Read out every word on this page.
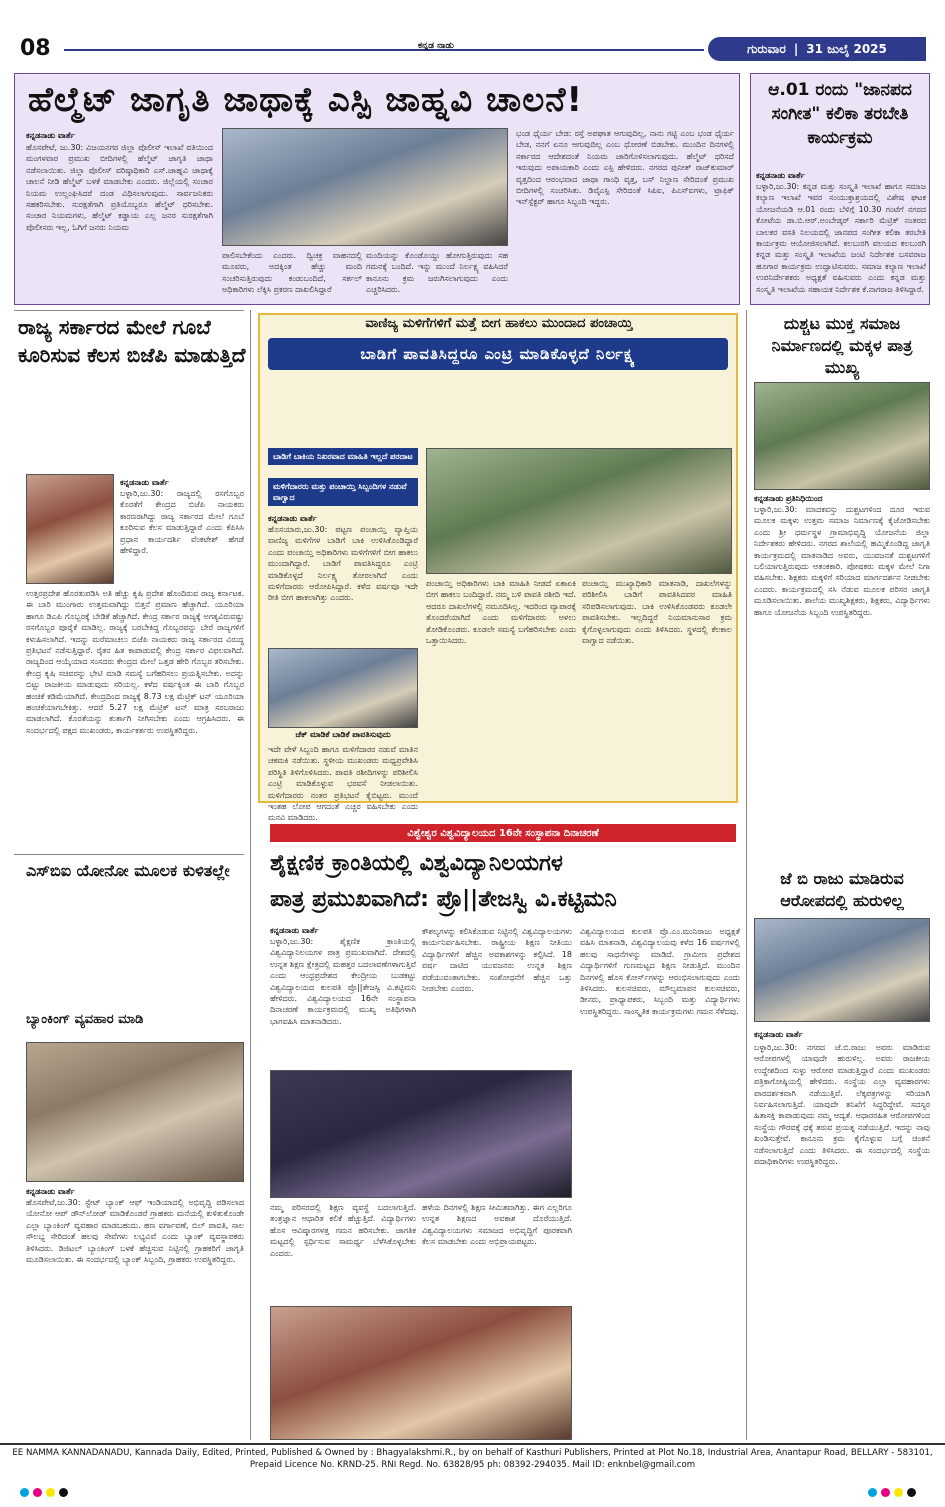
08	ಕನ್ನಡ ನಾಡು	ಗುರುವಾರ | 31 ಜುಲೈ 2025
ಹೆಲ್ಮೆಟ್ ಜಾಗೃತಿ ಜಾಥಾಕ್ಕೆ ಎಸ್ಪಿ ಜಾಹ್ನವಿ ಚಾಲನೆ!
ಕನ್ನಡನಾಡು ವಾರ್ತೆ
ಹೊಸಪೇಟೆ, ಜು.30: ವಿಜಯನಗರ ಜಿಲ್ಲಾ ಪೊಲೀಸ್ ಇಲಾಖೆ ವತಿಯಿಂದ ಮಂಗಳವಾರ ಪ್ರಮುಖ ಬೀದಿಗಳಲ್ಲಿ ಹೆಲ್ಮೆಟ್ ಜಾಗೃತಿ ಜಾಥಾ ನಡೆಸಲಾಯಿತು. ಜಿಲ್ಲಾ ಪೊಲೀಸ್ ವರಿಷ್ಠಾಧಿಕಾರಿ ಎಸ್.ಜಾಹ್ನವಿ ಜಾಥಾಕ್ಕೆ ಚಾಲನೆ ನೀಡಿ ಹೆಲ್ಮೆಟ್ ಬಳಕೆ ಮಾಡಬೇಕು ಎಂದರು. ಜಿಲ್ಲೆಯಲ್ಲಿ ಸಂಚಾರ ನಿಯಮ ಉಲ್ಲಂಘಿಸಿದರೆ ದಂಡ ವಿಧಿಸಲಾಗುವುದು. ಸಾರ್ವಜನಿಕರು ಸಹಕರಿಸಬೇಕು. ಸುರಕ್ಷತೆಗಾಗಿ ಪ್ರತಿಯೊಬ್ಬರೂ ಹೆಲ್ಮೆಟ್ ಧರಿಸಬೇಕು. ಸಂಚಾರ ನಿಯಮಗಳು, ಹೆಲ್ಮೆಟ್ ಕಡ್ಡಾಯ ಎಲ್ಲ ಜನರ ಸುರಕ್ಷತೆಗಾಗಿ ಪೊಲೀಸರು ಇಲ್ಲ, ಓಗಿಗೆ ಜನರು ನಿಯಮ
ಪಾಲಿಸಬೇಕೆಂದು ಎಂದರು. ದ್ವಿಚಕ್ರ ವಾಹನದಲ್ಲಿ ಮೂವರು, ಅದಕ್ಕಿಂತ ಹೆಚ್ಚು ಮಂದಿ ಸಂಚರಿಸುತ್ತಿರುವುದು ಕಂಡುಬಂದಿದೆ, ಸರ್ಕಲ್ ಅಧಿಕಾರಿಗಳು ಲೆಕ್ಕಿಸಿ ಪ್ರಕರಣ ದಾಖಲಿಸಿದ್ದಾರೆ
ಮಂದಿಯನ್ನು ಕೊಂಡೊಯ್ದು ಹೋಗುತ್ತಿರುವುದು ಸಹ ಗಮನಕ್ಕೆ ಬಂದಿದೆ. ಇನ್ನು ಮುಂದೆ ನಿರ್ಲಕ್ಷ್ಯ ವಹಿಸಿದರೆ ಕಾನೂನು ಕ್ರಮ ಜರುಗಿಸಲಾಗುವುದು ಎಂದು ಎಚ್ಚರಿಸಿದರು.
ಭಂಡ ಧೈರ್ಯ ಬೇಡ: ರಸ್ತೆ ಅಪಘಾತ ಆಗುವುದಿಲ್ಲ, ನಾನು ಗಟ್ಟಿ ಎಂಬ ಭಂಡ ಧೈರ್ಯ ಬೇಡ, ನನಗೆ ಏನೂ ಆಗುವುದಿಲ್ಲ ಎಂಬ ಧೋರಣೆ ಬಿಡಬೇಕು. ಮುಂದಿನ ದಿನಗಳಲ್ಲಿ ಸರ್ಕಾರದ ಆದೇಶದಂತೆ ನಿಯಮ ಜಾರಿಗೊಳಿಸಲಾಗುವುದು. ಹೆಲ್ಮೆಟ್ ಧರಿಸದೆ ಇರುವುದು ಅಪಾಯಕಾರಿ ಎಂದು ಎಸ್ಪಿ ಹೇಳಿದರು. ನಗರದ ಪುನೀತ್ ರಾಜ್‌ಕುಮಾರ್ ವೃತ್ತದಿಂದ ಆರಂಭವಾದ ಜಾಥಾ ಗಾಂಧಿ ವೃತ್ತ, ಬಸ್ ನಿಲ್ದಾಣ ಸೇರಿದಂತೆ ಪ್ರಮುಖ ಬೀದಿಗಳಲ್ಲಿ ಸಂಚರಿಸಿತು. ಡಿವೈಎಸ್ಪಿ ಸೇರಿದಂತೆ ಸಿಪಿಐ, ಪಿಎಸ್‌ಐಗಳು, ಟ್ರಾಫಿಕ್ ಇನ್‌ಸ್ಪೆಕ್ಟರ್ ಹಾಗೂ ಸಿಬ್ಬಂದಿ ಇದ್ದರು.
ಆ.01 ರಂದು "ಜಾನಪದ ಸಂಗೀತ" ಕಲಿಕಾ ತರಬೇತಿ ಕಾರ್ಯಕ್ರಮ
ಕನ್ನಡನಾಡು ವಾರ್ತೆ
ಬಳ್ಳಾರಿ,ಜು.30: ಕನ್ನಡ ಮತ್ತು ಸಂಸ್ಕೃತಿ ಇಲಾಖೆ ಹಾಗೂ ಸಮಾಜ ಕಲ್ಯಾಣ ಇಲಾಖೆ ಇವರ ಸಂಯುಕ್ತಾಶ್ರಯದಲ್ಲಿ ವಿಶೇಷ ಘಟಕ ಯೋಜನೆಯಡಿ ಆ.01 ರಂದು ಬೆಳಿಗ್ಗೆ 10.30 ಗಂಟೆಗೆ ನಗರದ ಕೋಟೆಯ ಡಾ.ಬಿ.ಆರ್.ಅಂಬೇಡ್ಕರ್ ಸರ್ಕಾರಿ ಮೆಟ್ರಿಕ್ ನಂತರದ ಬಾಲಕರ ವಸತಿ ನಿಲಯದಲ್ಲಿ ಜಾನಪದ ಸಂಗೀತ ಕಲಿಕಾ ತರಬೇತಿ ಕಾರ್ಯಕ್ರಮ ಆಯೋಜಿಸಲಾಗಿದೆ. ಕಲಬುರಗಿ ವಲಯದ ಕಲಬುರಗಿ ಕನ್ನಡ ಮತ್ತು ಸಂಸ್ಕೃತಿ ಇಲಾಖೆಯ ಜಂಟಿ ನಿರ್ದೇಶಕ ಬಸವರಾಜ ಹೂಗಾರ ಕಾರ್ಯಕ್ರಮ ಉದ್ಘಾಟಿಸುವರು. ಸಮಾಜ ಕಲ್ಯಾಣ ಇಲಾಖೆ ಉಪನಿರ್ದೇಶಕರು ಅಧ್ಯಕ್ಷತೆ ವಹಿಸುವರು ಎಂದು ಕನ್ನಡ ಮತ್ತು ಸಂಸ್ಕೃತಿ ಇಲಾಖೆಯ ಸಹಾಯಕ ನಿರ್ದೇಶಕ ಕೆ.ನಾಗರಾಜ ತಿಳಿಸಿದ್ದಾರೆ.
ರಾಜ್ಯ ಸರ್ಕಾರದ ಮೇಲೆ ಗೂಬೆ ಕೂರಿಸುವ ಕೆಲಸ ಬಿಜೆಪಿ ಮಾಡುತ್ತಿದೆ
ಕನ್ನಡನಾಡು ವಾರ್ತೆ
ಬಳ್ಳಾರಿ,ಜು.30: ರಾಜ್ಯದಲ್ಲಿ ರಸಗೊಬ್ಬರ ಕೊರತೆಗೆ ಕೇಂದ್ರದ ಬಿಜೆಪಿ ನಾಯಕರು ಕಾರಣರಾಗಿದ್ದು ರಾಜ್ಯ ಸರ್ಕಾರದ ಮೇಲೆ ಗೂಬೆ ಕೂರಿಸುವ ಕೆಲಸ ಮಾಡುತ್ತಿದ್ದಾರೆ ಎಂದು ಕೆಪಿಸಿಸಿ ಪ್ರಧಾನ ಕಾರ್ಯದರ್ಶಿ ವೆಂಕಟೇಶ್ ಹೆಗಡೆ ಹೇಳಿದ್ದಾರೆ.
ಉತ್ತರಪ್ರದೇಶ ಹೊರತುಪಡಿಸಿ ಅತಿ ಹೆಚ್ಚು ಕೃಷಿ ಪ್ರದೇಶ ಹೊಂದಿರುವ ರಾಜ್ಯ ಕರ್ನಾಟಕ. ಈ ಬಾರಿ ಮುಂಗಾರು ಉತ್ತಮವಾಗಿದ್ದು ಬಿತ್ತನೆ ಪ್ರಮಾಣ ಹೆಚ್ಚಾಗಿದೆ. ಯೂರಿಯಾ ಹಾಗೂ ಡಿಎಪಿ ಗೊಬ್ಬರಕ್ಕೆ ಬೇಡಿಕೆ ಹೆಚ್ಚಾಗಿದೆ. ಕೇಂದ್ರ ಸರ್ಕಾರ ರಾಜ್ಯಕ್ಕೆ ಅಗತ್ಯವಿರುವಷ್ಟು ರಸಗೊಬ್ಬರ ಪೂರೈಕೆ ಮಾಡಿಲ್ಲ. ರಾಜ್ಯಕ್ಕೆ ಬರಬೇಕಿದ್ದ ಗೊಬ್ಬರವನ್ನು ಬೇರೆ ರಾಜ್ಯಗಳಿಗೆ ಕಳುಹಿಸಲಾಗಿದೆ. ಇದನ್ನು ಮರೆಮಾಚಲು ಬಿಜೆಪಿ ನಾಯಕರು ರಾಜ್ಯ ಸರ್ಕಾರದ ವಿರುದ್ಧ ಪ್ರತಿಭಟನೆ ನಡೆಸುತ್ತಿದ್ದಾರೆ. ರೈತರ ಹಿತ ಕಾಪಾಡುವಲ್ಲಿ ಕೇಂದ್ರ ಸರ್ಕಾರ ವಿಫಲವಾಗಿದೆ. ರಾಜ್ಯದಿಂದ ಆಯ್ಕೆಯಾದ ಸಂಸದರು ಕೇಂದ್ರದ ಮೇಲೆ ಒತ್ತಡ ಹೇರಿ ಗೊಬ್ಬರ ತರಿಸಬೇಕು. ಕೇಂದ್ರ ಕೃಷಿ ಸಚಿವರನ್ನು ಭೇಟಿ ಮಾಡಿ ಸಮಸ್ಯೆ ಬಗೆಹರಿಸಲು ಪ್ರಯತ್ನಿಸಬೇಕು. ಅದನ್ನು ಬಿಟ್ಟು ರಾಜಕೀಯ ಮಾಡುವುದು ಸರಿಯಲ್ಲ. ಕಳೆದ ವರ್ಷಕ್ಕಿಂತ ಈ ಬಾರಿ ಗೊಬ್ಬರ ಹಂಚಿಕೆ ಕಡಿಮೆಯಾಗಿದೆ. ಕೇಂದ್ರದಿಂದ ರಾಜ್ಯಕ್ಕೆ 8.73 ಲಕ್ಷ ಮೆಟ್ರಿಕ್ ಟನ್ ಯೂರಿಯಾ ಹಂಚಿಕೆಯಾಗಬೇಕಿತ್ತು. ಆದರೆ 5.27 ಲಕ್ಷ ಮೆಟ್ರಿಕ್ ಟನ್ ಮಾತ್ರ ಸರಬರಾಜು ಮಾಡಲಾಗಿದೆ. ಕೊರತೆಯನ್ನು ತುರ್ತಾಗಿ ನೀಗಿಸಬೇಕು ಎಂದು ಆಗ್ರಹಿಸಿದರು. ಈ ಸಂದರ್ಭದಲ್ಲಿ ಪಕ್ಷದ ಮುಖಂಡರು, ಕಾರ್ಯಕರ್ತರು ಉಪಸ್ಥಿತರಿದ್ದರು.
ಎಸ್‌ಬಿಐ ಯೋನೋ ಮೂಲಕ ಕುಳಿತಲ್ಲೇ
ಬ್ಯಾಂಕಿಂಗ್ ವ್ಯವಹಾರ ಮಾಡಿ
ಕನ್ನಡನಾಡು ವಾರ್ತೆ
ಹೊಸಪೇಟೆ,ಜು.30: ಸ್ಟೇಟ್ ಬ್ಯಾಂಕ್ ಆಫ್ ಇಂಡಿಯಾದಲ್ಲಿ ಅಭಿವೃದ್ಧಿ ಪಡಿಸಲಾದ ಯೋನೋ ಆಪ್ ಡೌನ್‌ಲೋಡ್ ಮಾಡಿಕೊಂಡರೆ ಗ್ರಾಹಕರು ಮನೆಯಲ್ಲಿ ಕುಳಿತುಕೊಂಡೇ ಎಲ್ಲಾ ಬ್ಯಾಂಕಿಂಗ್ ವ್ಯವಹಾರ ಮಾಡಬಹುದು. ಹಣ ವರ್ಗಾವಣೆ, ಬಿಲ್ ಪಾವತಿ, ಸಾಲ ಸೌಲಭ್ಯ ಸೇರಿದಂತೆ ಹಲವು ಸೇವೆಗಳು ಲಭ್ಯವಿವೆ ಎಂದು ಬ್ಯಾಂಕ್ ವ್ಯವಸ್ಥಾಪಕರು ತಿಳಿಸಿದರು. ಡಿಜಿಟಲ್ ಬ್ಯಾಂಕಿಂಗ್ ಬಳಕೆ ಹೆಚ್ಚಿಸುವ ನಿಟ್ಟಿನಲ್ಲಿ ಗ್ರಾಹಕರಿಗೆ ಜಾಗೃತಿ ಮೂಡಿಸಲಾಯಿತು. ಈ ಸಂದರ್ಭದಲ್ಲಿ ಬ್ಯಾಂಕ್ ಸಿಬ್ಬಂದಿ, ಗ್ರಾಹಕರು ಉಪಸ್ಥಿತರಿದ್ದರು.
ವಾಣಿಜ್ಯ ಮಳಿಗೆಗಳಿಗೆ ಮತ್ತೆ ಬೀಗ ಹಾಕಲು ಮುಂದಾದ ಪಂಚಾಯ್ತಿ
ಬಾಡಿಗೆ ಪಾವತಿಸಿದ್ದರೂ ಎಂಟ್ರಿ ಮಾಡಿಕೊಳ್ಳದೆ ನಿರ್ಲಕ್ಷ್ಯ
ಬಾಡಿಗೆ ಬಾಕಿಯ ನಿಖರವಾದ ಮಾಹಿತಿ ಇಲ್ಲದೆ ಪರದಾಟ
ಮಳಿಗೆದಾರರು ಮತ್ತು ಪಂಚಾಯ್ತಿ ಸಿಬ್ಬಂದಿಗಳ ನಡುವೆ ವಾಗ್ವಾದ
ಕನ್ನಡನಾಡು ವಾರ್ತೆ
ಹೊಸಯಾರು,ಜು.30: ಪಟ್ಟಣ ಪಂಚಾಯ್ತಿ ವ್ಯಾಪ್ತಿಯ ವಾಣಿಜ್ಯ ಮಳಿಗೆಗಳ ಬಾಡಿಗೆ ಬಾಕಿ ಉಳಿಸಿಕೊಂಡಿದ್ದಾರೆ ಎಂದು ಪಂಚಾಯ್ತಿ ಅಧಿಕಾರಿಗಳು ಮಳಿಗೆಗಳಿಗೆ ಬೀಗ ಹಾಕಲು ಮುಂದಾಗಿದ್ದಾರೆ. ಬಾಡಿಗೆ ಪಾವತಿಸಿದ್ದರೂ ಎಂಟ್ರಿ ಮಾಡಿಕೊಳ್ಳದೆ ನಿರ್ಲಕ್ಷ್ಯ ತೋರಲಾಗಿದೆ ಎಂದು ಮಳಿಗೆದಾರರು ಆರೋಪಿಸಿದ್ದಾರೆ. ಕಳೆದ ವರ್ಷವೂ ಇದೇ ರೀತಿ ಬೀಗ ಹಾಕಲಾಗಿತ್ತು ಎಂದರು.
ಪಂಚಾಯ್ತಿ ಅಧಿಕಾರಿಗಳು ಬಾಕಿ ಮಾಹಿತಿ ನೀಡದೆ ಏಕಾಏಕಿ ಬೀಗ ಹಾಕಲು ಬಂದಿದ್ದಾರೆ. ನಮ್ಮ ಬಳಿ ಪಾವತಿ ರಶೀದಿ ಇದೆ. ಆದರೂ ದಾಖಲೆಗಳಲ್ಲಿ ನಮೂದಿಸಿಲ್ಲ. ಇದರಿಂದ ವ್ಯಾಪಾರಕ್ಕೆ ತೊಂದರೆಯಾಗಿದೆ ಎಂದು ಮಳಿಗೆದಾರರು ಅಳಲು ತೋಡಿಕೊಂಡರು. ಕೂಡಲೇ ಸಮಸ್ಯೆ ಬಗೆಹರಿಸಬೇಕು ಎಂದು ಒತ್ತಾಯಿಸಿದರು.
ಪಂಚಾಯ್ತಿ ಮುಖ್ಯಾಧಿಕಾರಿ ಮಾತನಾಡಿ, ದಾಖಲೆಗಳನ್ನು ಪರಿಶೀಲಿಸಿ ಬಾಡಿಗೆ ಪಾವತಿಸಿದವರ ಮಾಹಿತಿ ಸರಿಪಡಿಸಲಾಗುವುದು. ಬಾಕಿ ಉಳಿಸಿಕೊಂಡವರು ಕೂಡಲೇ ಪಾವತಿಸಬೇಕು. ಇಲ್ಲದಿದ್ದರೆ ನಿಯಮಾನುಸಾರ ಕ್ರಮ ಕೈಗೊಳ್ಳಲಾಗುವುದು ಎಂದು ತಿಳಿಸಿದರು. ಸ್ಥಳದಲ್ಲಿ ಕೆಲಕಾಲ ವಾಗ್ವಾದ ನಡೆಯಿತು.
ಚೆಕ್ ಮಾಡಿಕೆ ಬಾಡಿಕೆ ಪಾವತಿಸುವುದು
ಇದೇ ವೇಳೆ ಸಿಬ್ಬಂದಿ ಹಾಗೂ ಮಳಿಗೆದಾರರ ನಡುವೆ ಮಾತಿನ ಚಕಮಕಿ ನಡೆಯಿತು. ಸ್ಥಳೀಯ ಮುಖಂಡರು ಮಧ್ಯಪ್ರವೇಶಿಸಿ ಪರಿಸ್ಥಿತಿ ತಿಳಿಗೊಳಿಸಿದರು. ಪಾವತಿ ರಶೀದಿಗಳನ್ನು ಪರಿಶೀಲಿಸಿ ಎಂಟ್ರಿ ಮಾಡಿಕೊಳ್ಳುವ ಭರವಸೆ ನೀಡಲಾಯಿತು. ಮಳಿಗೆದಾರರು ನಂತರ ಪ್ರತಿಭಟನೆ ಕೈಬಿಟ್ಟರು. ಮುಂದೆ ಇಂತಹ ಲೋಪ ಆಗದಂತೆ ಎಚ್ಚರ ವಹಿಸಬೇಕು ಎಂದು ಮನವಿ ಮಾಡಿದರು.
ದುಶ್ಚಟ ಮುಕ್ತ ಸಮಾಜ ನಿರ್ಮಾಣದಲ್ಲಿ ಮಕ್ಕಳ ಪಾತ್ರ ಮುಖ್ಯ
ಕನ್ನಡನಾಡು ಪ್ರತಿನಿಧಿಯಿಂದ
ಬಳ್ಳಾರಿ,ಜು.30: ಮಾದಕವಸ್ತು ದುಶ್ಚಟಗಳಿಂದ ದೂರ ಇರುವ ಮೂಲಕ ಮಕ್ಕಳು ಉತ್ತಮ ಸಮಾಜ ನಿರ್ಮಾಣಕ್ಕೆ ಕೈಜೋಡಿಸಬೇಕು ಎಂದು ಶ್ರೀ ಧರ್ಮಸ್ಥಳ ಗ್ರಾಮಾಭಿವೃದ್ಧಿ ಯೋಜನೆಯ ಜಿಲ್ಲಾ ನಿರ್ದೇಶಕರು ಹೇಳಿದರು. ನಗರದ ಶಾಲೆಯಲ್ಲಿ ಹಮ್ಮಿಕೊಂಡಿದ್ದ ಜಾಗೃತಿ ಕಾರ್ಯಕ್ರಮದಲ್ಲಿ ಮಾತನಾಡಿದ ಅವರು, ಯುವಜನತೆ ದುಶ್ಚಟಗಳಿಗೆ ಬಲಿಯಾಗುತ್ತಿರುವುದು ಆತಂಕಕಾರಿ. ಪೋಷಕರು ಮಕ್ಕಳ ಮೇಲೆ ನಿಗಾ ವಹಿಸಬೇಕು. ಶಿಕ್ಷಕರು ಮಕ್ಕಳಿಗೆ ಸರಿಯಾದ ಮಾರ್ಗದರ್ಶನ ನೀಡಬೇಕು ಎಂದರು. ಕಾರ್ಯಕ್ರಮದಲ್ಲಿ ಸಸಿ ನೆಡುವ ಮೂಲಕ ಪರಿಸರ ಜಾಗೃತಿ ಮೂಡಿಸಲಾಯಿತು. ಶಾಲೆಯ ಮುಖ್ಯಶಿಕ್ಷಕರು, ಶಿಕ್ಷಕರು, ವಿದ್ಯಾರ್ಥಿಗಳು ಹಾಗೂ ಯೋಜನೆಯ ಸಿಬ್ಬಂದಿ ಉಪಸ್ಥಿತರಿದ್ದರು.
ವಿಶ್ವೇಶ್ವರ ವಿಶ್ವವಿದ್ಯಾಲಯದ 16ನೇ ಸಂಸ್ಥಾಪನಾ ದಿನಾಚರಣೆ
ಶೈಕ್ಷಣಿಕ ಕ್ರಾಂತಿಯಲ್ಲಿ ವಿಶ್ವವಿದ್ಯಾನಿಲಯಗಳ
ಪಾತ್ರ ಪ್ರಮುಖವಾಗಿದೆ: ಪ್ರೊ||ತೇಜಸ್ವಿ ವಿ.ಕಟ್ಟಿಮನಿ
ಕನ್ನಡನಾಡು ವಾರ್ತೆ
ಬಳ್ಳಾರಿ,ಜು.30: ಶೈಕ್ಷಣಿಕ ಕ್ರಾಂತಿಯಲ್ಲಿ ವಿಶ್ವವಿದ್ಯಾನಿಲಯಗಳ ಪಾತ್ರ ಪ್ರಮುಖವಾಗಿದೆ. ದೇಶದಲ್ಲಿ ಉನ್ನತ ಶಿಕ್ಷಣ ಕ್ಷೇತ್ರದಲ್ಲಿ ಮಹತ್ತರ ಬದಲಾವಣೆಗಳಾಗುತ್ತಿವೆ ಎಂದು ಆಂಧ್ರಪ್ರದೇಶದ ಕೇಂದ್ರೀಯ ಬುಡಕಟ್ಟು ವಿಶ್ವವಿದ್ಯಾಲಯದ ಕುಲಪತಿ ಪ್ರೊ||ತೇಜಸ್ವಿ ವಿ.ಕಟ್ಟಿಮನಿ ಹೇಳಿದರು. ವಿಶ್ವವಿದ್ಯಾಲಯದ 16ನೇ ಸಂಸ್ಥಾಪನಾ ದಿನಾಚರಣೆ ಕಾರ್ಯಕ್ರಮದಲ್ಲಿ ಮುಖ್ಯ ಅತಿಥಿಗಳಾಗಿ ಭಾಗವಹಿಸಿ ಮಾತನಾಡಿದರು.
ಕೌಶಲ್ಯಗಳನ್ನು ಕಲಿಸಿಕೊಡುವ ನಿಟ್ಟಿನಲ್ಲಿ ವಿಶ್ವವಿದ್ಯಾಲಯಗಳು ಕಾರ್ಯನಿರ್ವಹಿಸಬೇಕು. ರಾಷ್ಟ್ರೀಯ ಶಿಕ್ಷಣ ನೀತಿಯು ವಿದ್ಯಾರ್ಥಿಗಳಿಗೆ ಹೆಚ್ಚಿನ ಅವಕಾಶಗಳನ್ನು ಕಲ್ಪಿಸಿದೆ. 18 ವರ್ಷ ದಾಟಿದ ಯುವಜನರು ಉನ್ನತ ಶಿಕ್ಷಣ ಪಡೆಯುವಂತಾಗಬೇಕು. ಸಂಶೋಧನೆಗೆ ಹೆಚ್ಚಿನ ಒತ್ತು ನೀಡಬೇಕು ಎಂದರು.
ವಿಶ್ವವಿದ್ಯಾಲಯದ ಕುಲಪತಿ ಪ್ರೊ.ಎಂ.ಮುನಿರಾಜು ಅಧ್ಯಕ್ಷತೆ ವಹಿಸಿ ಮಾತನಾಡಿ, ವಿಶ್ವವಿದ್ಯಾಲಯವು ಕಳೆದ 16 ವರ್ಷಗಳಲ್ಲಿ ಹಲವು ಸಾಧನೆಗಳನ್ನು ಮಾಡಿದೆ. ಗ್ರಾಮೀಣ ಪ್ರದೇಶದ ವಿದ್ಯಾರ್ಥಿಗಳಿಗೆ ಗುಣಮಟ್ಟದ ಶಿಕ್ಷಣ ನೀಡುತ್ತಿದೆ. ಮುಂದಿನ ದಿನಗಳಲ್ಲಿ ಹೊಸ ಕೋರ್ಸ್‌ಗಳನ್ನು ಆರಂಭಿಸಲಾಗುವುದು ಎಂದು ತಿಳಿಸಿದರು. ಕುಲಸಚಿವರು, ಮೌಲ್ಯಮಾಪನ ಕುಲಸಚಿವರು, ಡೀನರು, ಪ್ರಾಧ್ಯಾಪಕರು, ಸಿಬ್ಬಂದಿ ಮತ್ತು ವಿದ್ಯಾರ್ಥಿಗಳು ಉಪಸ್ಥಿತರಿದ್ದರು. ಸಾಂಸ್ಕೃತಿಕ ಕಾರ್ಯಕ್ರಮಗಳು ಗಮನ ಸೆಳೆದವು.
ನಮ್ಮ ಪರಿಸರದಲ್ಲಿ ಶಿಕ್ಷಣ ವ್ಯವಸ್ಥೆ ಬದಲಾಗುತ್ತಿದೆ. ತಂತ್ರಜ್ಞಾನ ಆಧಾರಿತ ಕಲಿಕೆ ಹೆಚ್ಚುತ್ತಿದೆ. ವಿದ್ಯಾರ್ಥಿಗಳು ಹೊಸ ಆವಿಷ್ಕಾರಗಳತ್ತ ಗಮನ ಹರಿಸಬೇಕು. ಜಾಗತಿಕ ಮಟ್ಟದಲ್ಲಿ ಸ್ಪರ್ಧಿಸುವ ಸಾಮರ್ಥ್ಯ ಬೆಳೆಸಿಕೊಳ್ಳಬೇಕು ಎಂದರು.
ಹಳೆಯ ದಿನಗಳಲ್ಲಿ ಶಿಕ್ಷಣ ಸೀಮಿತವಾಗಿತ್ತು. ಈಗ ಎಲ್ಲರಿಗೂ ಉನ್ನತ ಶಿಕ್ಷಣದ ಅವಕಾಶ ದೊರೆಯುತ್ತಿದೆ. ವಿಶ್ವವಿದ್ಯಾಲಯಗಳು ಸಮಾಜದ ಅಭಿವೃದ್ಧಿಗೆ ಪೂರಕವಾಗಿ ಕೆಲಸ ಮಾಡಬೇಕು ಎಂದು ಅಭಿಪ್ರಾಯಪಟ್ಟರು.
ಜೆ ಬಿ ರಾಜು ಮಾಡಿರುವ ಆರೋಪದಲ್ಲಿ ಹುರುಳಿಲ್ಲ
ಕನ್ನಡನಾಡು ವಾರ್ತೆ
ಬಳ್ಳಾರಿ,ಜು.30: ನಗರದ ಜೆ.ಬಿ.ರಾಜು ಅವರು ಮಾಡಿರುವ ಆರೋಪಗಳಲ್ಲಿ ಯಾವುದೇ ಹುರುಳಿಲ್ಲ. ಅವರು ರಾಜಕೀಯ ಉದ್ದೇಶದಿಂದ ಸುಳ್ಳು ಆರೋಪ ಮಾಡುತ್ತಿದ್ದಾರೆ ಎಂದು ಮುಖಂಡರು ಪತ್ರಿಕಾಗೋಷ್ಠಿಯಲ್ಲಿ ಹೇಳಿದರು. ಸಂಸ್ಥೆಯ ಎಲ್ಲಾ ವ್ಯವಹಾರಗಳು ಪಾರದರ್ಶಕವಾಗಿ ನಡೆಯುತ್ತಿವೆ. ಲೆಕ್ಕಪತ್ರಗಳನ್ನು ಸರಿಯಾಗಿ ನಿರ್ವಹಿಸಲಾಗುತ್ತಿದೆ. ಯಾವುದೇ ತನಿಖೆಗೆ ಸಿದ್ಧರಿದ್ದೇವೆ. ಸದಸ್ಯರ ಹಿತಾಸಕ್ತಿ ಕಾಪಾಡುವುದು ನಮ್ಮ ಆದ್ಯತೆ. ಆಧಾರರಹಿತ ಆರೋಪಗಳಿಂದ ಸಂಸ್ಥೆಯ ಗೌರವಕ್ಕೆ ಧಕ್ಕೆ ತರುವ ಪ್ರಯತ್ನ ನಡೆಯುತ್ತಿದೆ. ಇದನ್ನು ನಾವು ಖಂಡಿಸುತ್ತೇವೆ. ಕಾನೂನು ಕ್ರಮ ಕೈಗೊಳ್ಳುವ ಬಗ್ಗೆ ಚಿಂತನೆ ನಡೆಸಲಾಗುತ್ತಿದೆ ಎಂದು ತಿಳಿಸಿದರು. ಈ ಸಂದರ್ಭದಲ್ಲಿ ಸಂಸ್ಥೆಯ ಪದಾಧಿಕಾರಿಗಳು ಉಪಸ್ಥಿತರಿದ್ದರು.
EE NAMMA KANNADANADU, Kannada Daily, Edited, Printed, Published & Owned by : Bhagyalakshmi.R., by on behalf of Kasthuri Publishers, Printed at Plot No.18, Industrial Area, Anantapur Road, BELLARY - 583101,
Prepaid Licence No. KRND-25. RNI Regd. No. 63828/95 ph: 08392-294035. Mail ID: enknbel@gmail.com
